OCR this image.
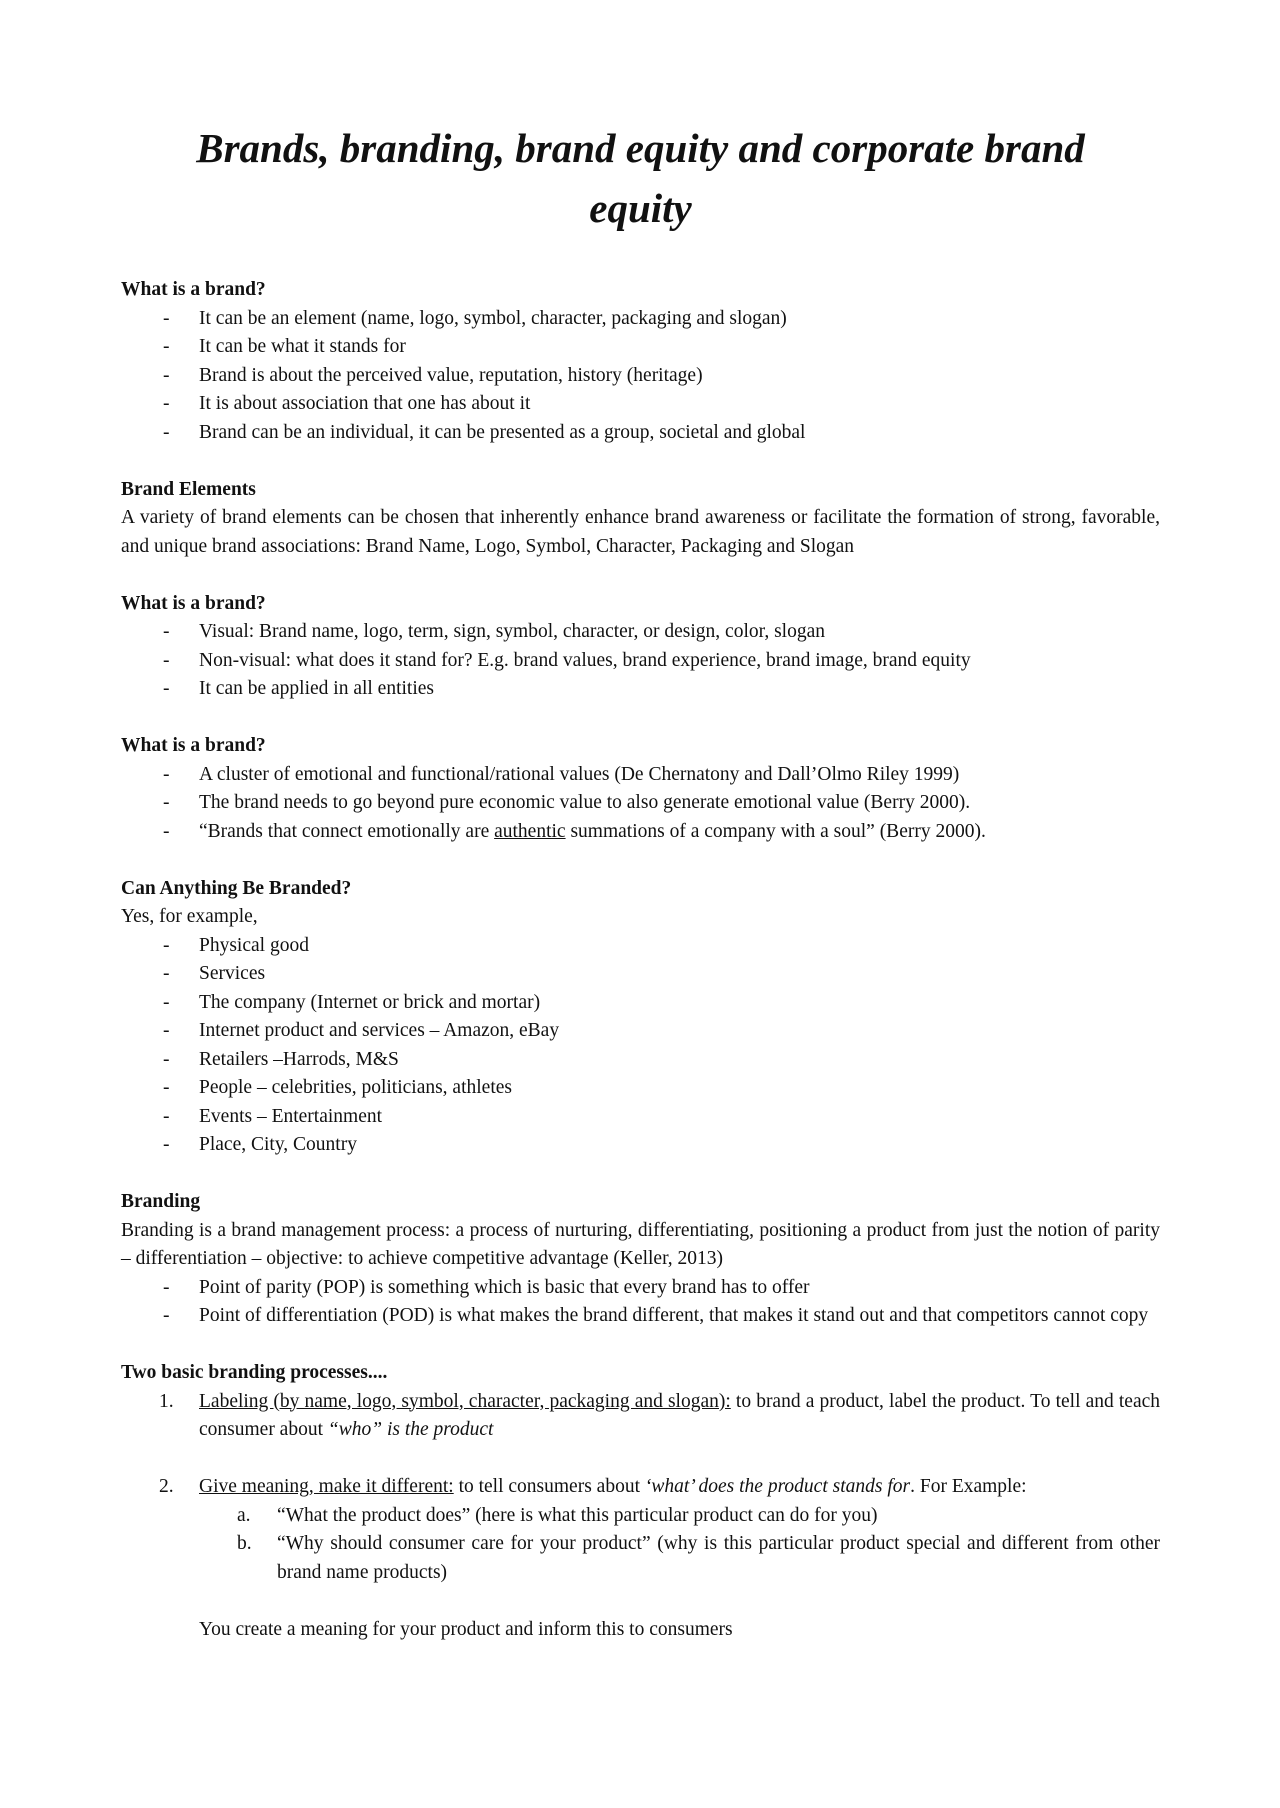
Brands, branding, brand equity and corporate brand equity
What is a brand?
- It can be an element (name, logo, symbol, character, packaging and slogan)
- It can be what it stands for
- Brand is about the perceived value, reputation, history (heritage)
- It is about association that one has about it
- Brand can be an individual, it can be presented as a group, societal and global
Brand Elements

A variety of brand elements can be chosen that inherently enhance brand awareness or facilitate the formation of strong, favorable, and unique brand associations: Brand Name, Logo, Symbol, Character, Packaging and Slogan

What is a brand?
- Visual: Brand name, logo, term, sign, symbol, character, or design, color, slogan
- Non-visual: what does it stand for? E.g. brand values, brand experience, brand image, brand equity
- It can be applied in all entities
What is a brand?
- A cluster of emotional and functional/rational values (De Chernatony and Dall’Olmo Riley 1999)
- The brand needs to go beyond pure economic value to also generate emotional value (Berry 2000).
- “Brands that connect emotionally are authentic summations of a company with a soul” (Berry 2000).
Can Anything Be Branded?

Yes, for example,

- Physical good
- Services
- The company (Internet or brick and mortar)
- Internet product and services – Amazon, eBay
- Retailers –Harrods, M&S
- People – celebrities, politicians, athletes
- Events – Entertainment
- Place, City, Country
Branding

Branding is a brand management process: a process of nurturing, differentiating, positioning a product from just the notion of parity – differentiation – objective: to achieve competitive advantage (Keller, 2013)

- Point of parity (POP) is something which is basic that every brand has to offer
- Point of differentiation (POD) is what makes the brand different, that makes it stand out and that competitors cannot copy
Two basic branding processes....
1. Labeling (by name, logo, symbol, character, packaging and slogan): to brand a product, label the product. To tell and teach consumer about “who” is the product
2. Give meaning, make it different: to tell consumers about ‘what’ does the product stands for. For Example:
a. “What the product does” (here is what this particular product can do for you)
b. “Why should consumer care for your product” (why is this particular product special and different from other brand name products)

You create a meaning for your product and inform this to consumers
